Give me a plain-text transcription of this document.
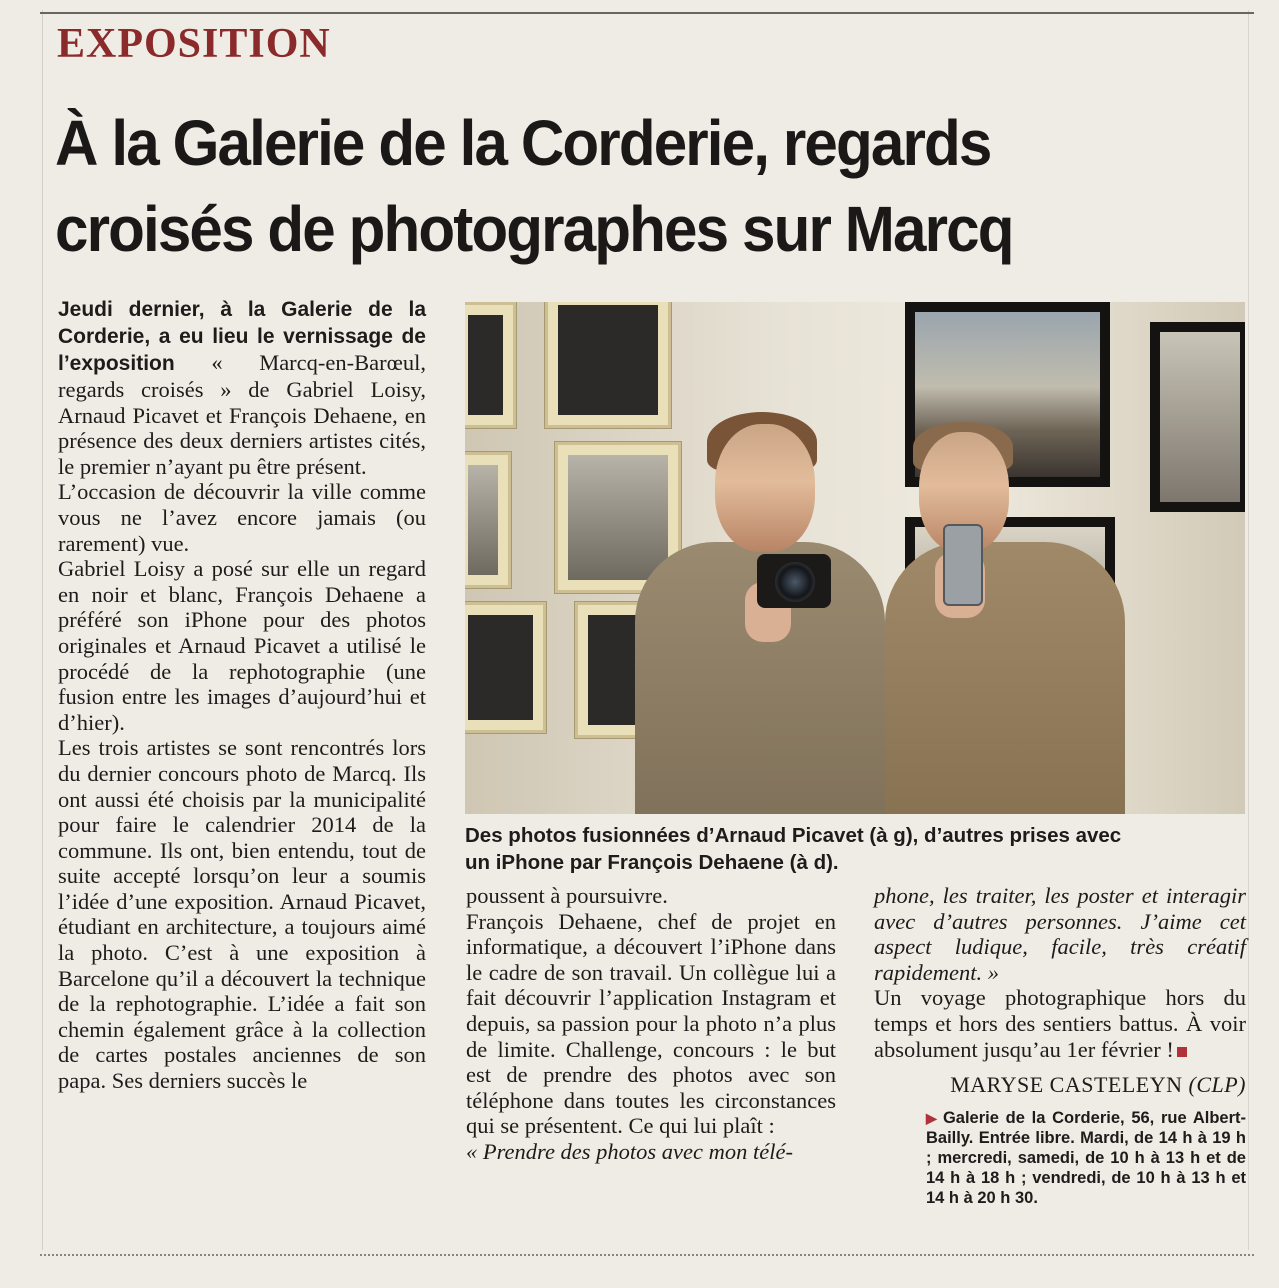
EXPOSITION
À la Galerie de la Corderie, regards
croisés de photographes sur Marcq

Jeudi dernier, à la Galerie de la Corderie, a eu lieu le vernissage de l’exposition « Marcq-en-Barœul, regards croisés » de Gabriel Loisy, Arnaud Picavet et François Dehaene, en présence des deux derniers artistes cités, le premier n’ayant pu être présent.

L’occasion de découvrir la ville comme vous ne l’avez encore jamais (ou rarement) vue.

Gabriel Loisy a posé sur elle un regard en noir et blanc, François Dehaene a préféré son iPhone pour des photos originales et Arnaud Picavet a utilisé le procédé de la rephotographie (une fusion entre les images d’aujourd’hui et d’hier).

Les trois artistes se sont rencontrés lors du dernier concours photo de Marcq. Ils ont aussi été choisis par la municipalité pour faire le calendrier 2014 de la commune. Ils ont, bien entendu, tout de suite accepté lorsqu’on leur a soumis l’idée d’une exposition. Arnaud Picavet, étudiant en architecture, a toujours aimé la photo. C’est à une exposition à Barcelone qu’il a découvert la technique de la rephotographie. L’idée a fait son chemin également grâce à la collection de cartes postales anciennes de son papa. Ses derniers succès le

Des photos fusionnées d’Arnaud Picavet (à g), d’autres prises avec

un iPhone par François Dehaene (à d).

poussent à poursuivre.

François Dehaene, chef de projet en informatique, a découvert l’iPhone dans le cadre de son travail. Un collègue lui a fait découvrir l’application Instagram et depuis, sa passion pour la photo n’a plus de limite. Challenge, concours : le but est de prendre des photos avec son téléphone dans toutes les circonstances qui se présentent. Ce qui lui plaît :

« Prendre des photos avec mon télé-

phone, les traiter, les poster et interagir avec d’autres personnes. J’aime cet aspect ludique, facile, très créatif rapidement. »

Un voyage photographique hors du temps et hors des sentiers battus. À voir absolument jusqu’au 1er février !

MARYSE CASTELEYN (CLP)
▶ Galerie de la Corderie, 56, rue Albert-Bailly. Entrée libre. Mardi, de 14 h à 19 h ; mercredi, samedi, de 10 h à 13 h et de 14 h à 18 h ; vendredi, de 10 h à 13 h et 14 h à 20 h 30.
